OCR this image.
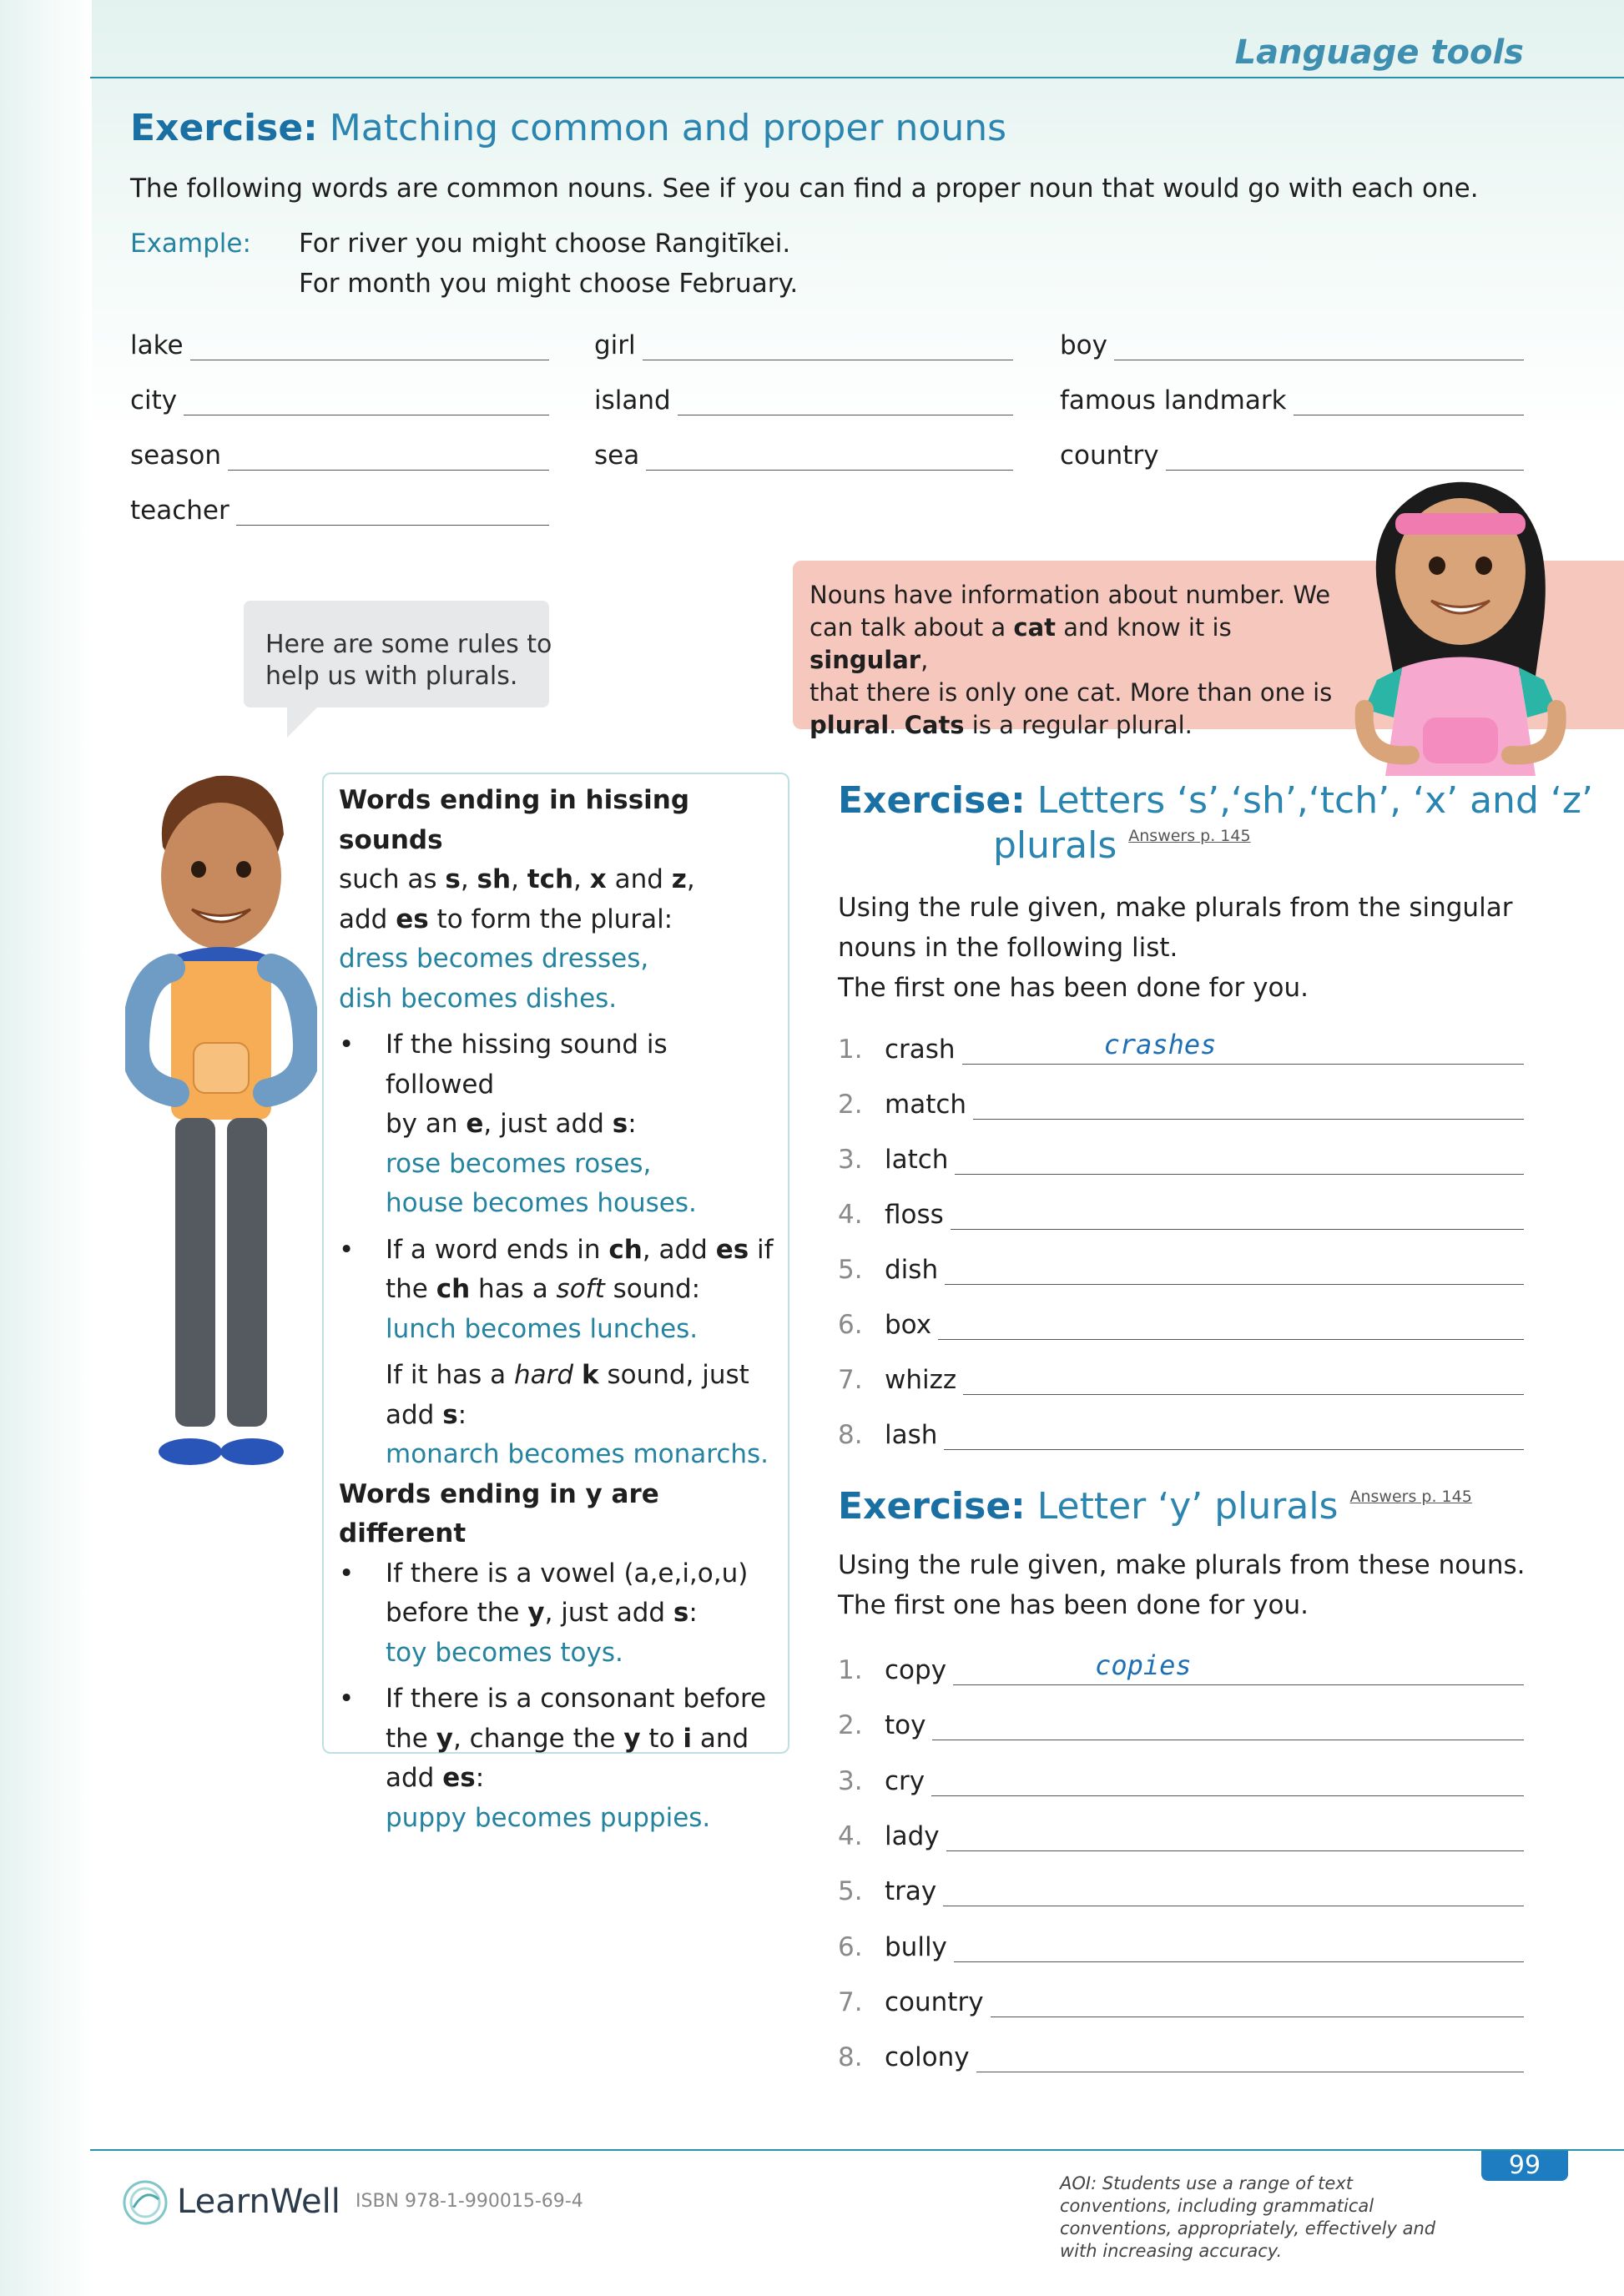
Language tools
Exercise: Matching common and proper nouns
The following words are common nouns. See if you can find a proper noun that would go with each one.
Example: For river you might choose Rangitīkei.
For month you might choose February.
lake	girl	boy
city	island	famous landmark
season	sea	country
teacher
Here are some rules to
help us with plurals.
Nouns have information about number. We
can talk about a cat and know it is singular,
that there is only one cat. More than one is
plural. Cats is a regular plural.

Words ending in hissing sounds

such as s, sh, tch, x and z,

add es to form the plural:

dress becomes dresses,

dish becomes dishes.

• If the hissing sound is followed
by an e, just add s:

rose becomes roses,

house becomes houses.

• If a word ends in ch, add es if
the ch has a soft sound:

lunch becomes lunches.

If it has a hard k sound, just
add s:

monarch becomes monarchs.

Words ending in y are different

• If there is a vowel (a,e,i,o,u)
before the y, just add s:

toy becomes toys.

• If there is a consonant before
the y, change the y to i and
add es:

puppy becomes puppies.

Exercise: Letters ‘s’,‘sh’,‘tch’, ‘x’ and ‘z’
plurals $^{Answers p. 145}$
Using the rule given, make plurals from the singular
nouns in the following list.
The first one has been done for you.
1. crash	crashes
2. match
3. latch
4. floss
5. dish
6. box
7. whizz
8. lash
Exercise: Letter ‘y’ plurals $^{Answers p. 145}$
Using the rule given, make plurals from these nouns.
The first one has been done for you.
1. copy	copies
2. toy
3. cry
4. lady
5. tray
6. bully
7. country
8. colony
99
LearnWell ISBN 978-1-990015-69-4
AOI: Students use a range of text conventions, including grammatical conventions, appropriately, effectively and with increasing accuracy.
